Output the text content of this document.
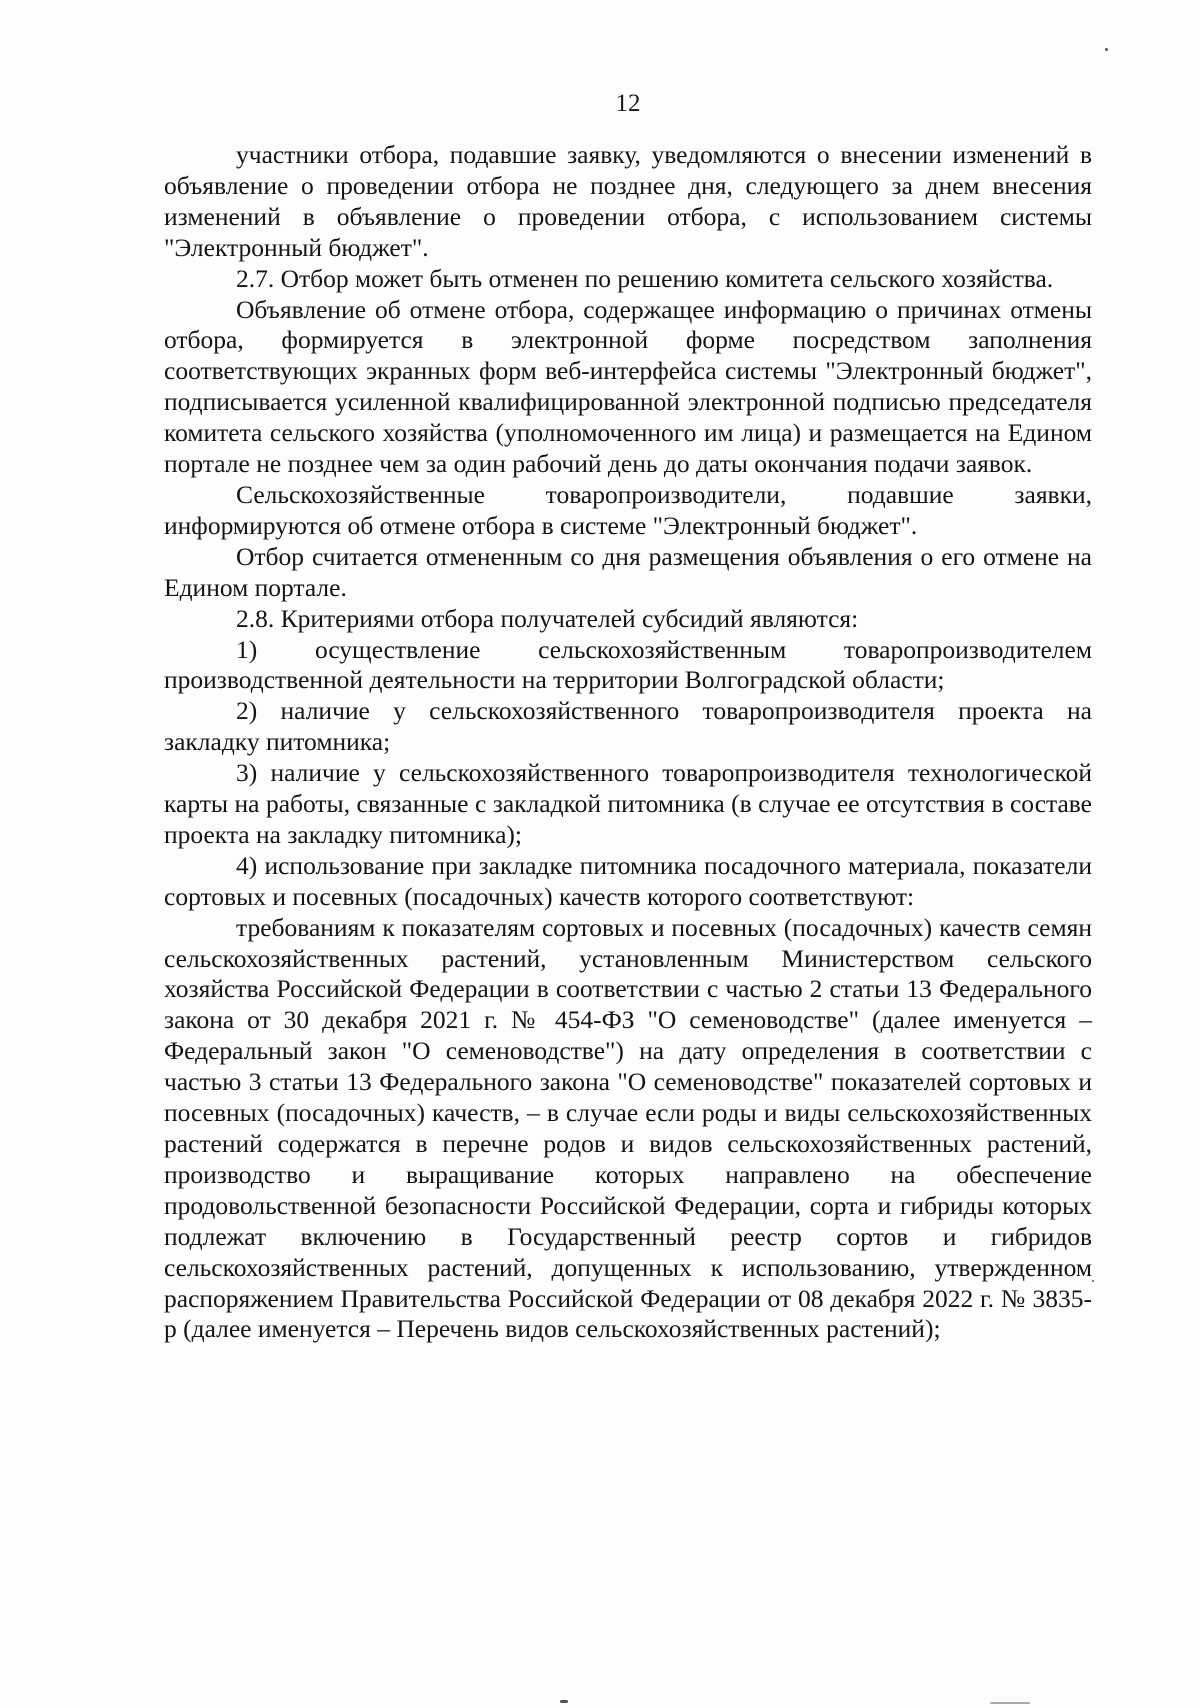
12

участники отбора, подавшие заявку, уведомляются о внесении изменений в объявление о проведении отбора не позднее дня, следующего за днем внесения изменений в объявление о проведении отбора, с использованием системы "Электронный бюджет".

2.7. Отбор может быть отменен по решению комитета сельского хозяйства.

Объявление об отмене отбора, содержащее информацию о причинах отмены отбора, формируется в электронной форме посредством заполнения соответствующих экранных форм веб-интерфейса системы "Электронный бюджет", подписывается усиленной квалифицированной электронной подписью председателя комитета сельского хозяйства (уполномоченного им лица) и размещается на Едином портале не позднее чем за один рабочий день до даты окончания подачи заявок.

Сельскохозяйственные товаропроизводители, подавшие заявки, информируются об отмене отбора в системе "Электронный бюджет".

Отбор считается отмененным со дня размещения объявления о его отмене на Едином портале.

2.8. Критериями отбора получателей субсидий являются:

1) осуществление сельскохозяйственным товаропроизводителем производственной деятельности на территории Волгоградской области;

2) наличие у сельскохозяйственного товаропроизводителя проекта на закладку питомника;

3) наличие у сельскохозяйственного товаропроизводителя технологической карты на работы, связанные с закладкой питомника (в случае ее отсутствия в составе проекта на закладку питомника);

4) использование при закладке питомника посадочного материала, показатели сортовых и посевных (посадочных) качеств которого соответствуют:

требованиям к показателям сортовых и посевных (посадочных) качеств семян сельскохозяйственных растений, установленным Министерством сельского хозяйства Российской Федерации в соответствии с частью 2 статьи 13 Федерального закона от 30 декабря 2021 г. № 454-ФЗ "О семеноводстве" (далее именуется – Федеральный закон "О семеноводстве") на дату определения в соответствии с частью 3 статьи 13 Федерального закона "О семеноводстве" показателей сортовых и посевных (посадочных) качеств, – в случае если роды и виды сельскохозяйственных растений содержатся в перечне родов и видов сельскохозяйственных растений, производство и выращивание которых направлено на обеспечение продовольственной безопасности Российской Федерации, сорта и гибриды которых подлежат включению в Государственный реестр сортов и гибридов сельскохозяйственных растений, допущенных к использованию, утвержденном распоряжением Правительства Российской Федерации от 08 декабря 2022 г. № 3835-р (далее именуется – Перечень видов сельскохозяйственных растений);
